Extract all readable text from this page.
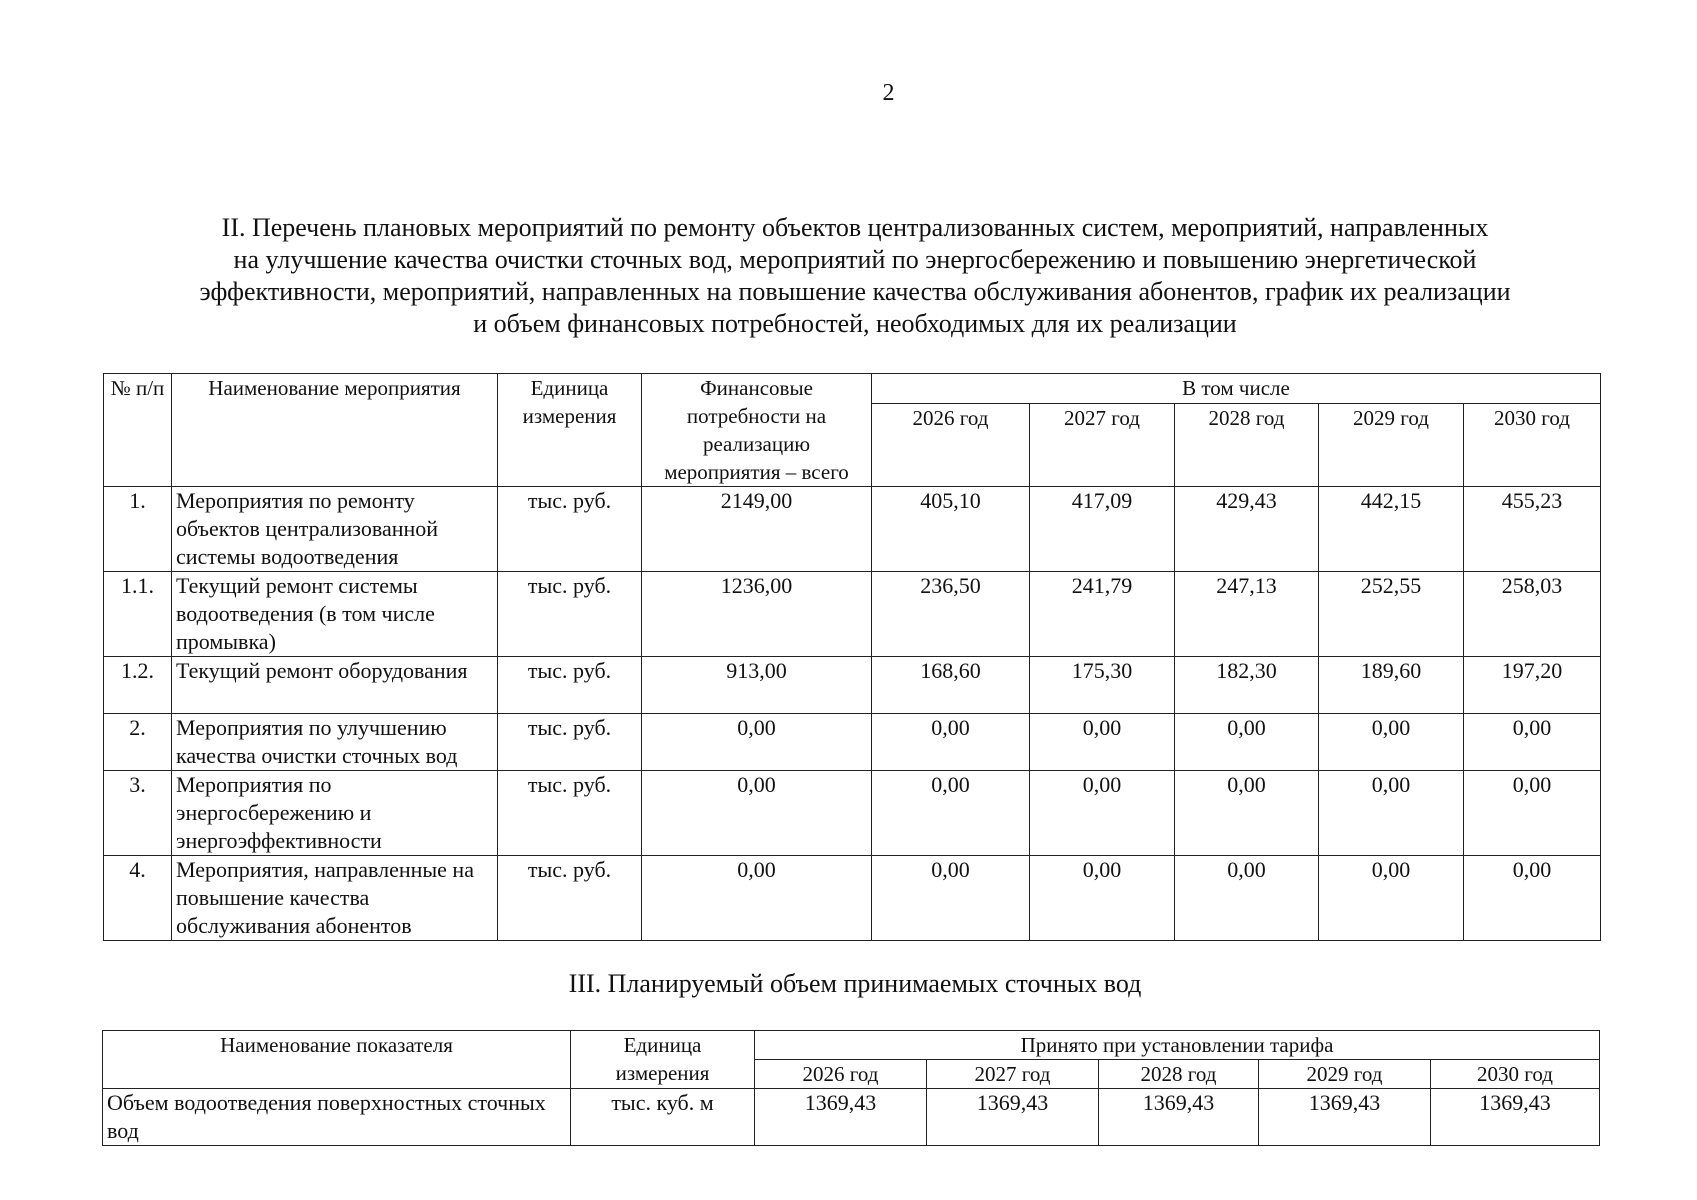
2
II. Перечень плановых мероприятий по ремонту объектов централизованных систем, мероприятий, направленных
на улучшение качества очистки сточных вод, мероприятий по энергосбережению и повышению энергетической
эффективности, мероприятий, направленных на повышение качества обслуживания абонентов, график их реализации
и объем финансовых потребностей, необходимых для их реализации
№ п/п	Наименование мероприятия	Единица измерения	Финансовые потребности на реализацию мероприятия – всего	В том числе				
				2026 год	2027 год	2028 год	2029 год	2030 год
1.	Мероприятия по ремонту объектов централизованной системы водоотведения	тыс. руб.	2149,00	405,10	417,09	429,43	442,15	455,23
1.1.	Текущий ремонт системы водоотведения (в том числе промывка)	тыс. руб.	1236,00	236,50	241,79	247,13	252,55	258,03
1.2.	Текущий ремонт оборудования	тыс. руб.	913,00	168,60	175,30	182,30	189,60	197,20
2.	Мероприятия по улучшению качества очистки сточных вод	тыс. руб.	0,00	0,00	0,00	0,00	0,00	0,00
3.	Мероприятия по энергосбережению и энергоэффективности	тыс. руб.	0,00	0,00	0,00	0,00	0,00	0,00
4.	Мероприятия, направленные на повышение качества обслуживания абонентов	тыс. руб.	0,00	0,00	0,00	0,00	0,00	0,00
III. Планируемый объем принимаемых сточных вод
Наименование показателя	Единица измерения	Принято при установлении тарифа				
		2026 год	2027 год	2028 год	2029 год	2030 год
Объем водоотведения поверхностных сточных вод	тыс. куб. м	1369,43	1369,43	1369,43	1369,43	1369,43
